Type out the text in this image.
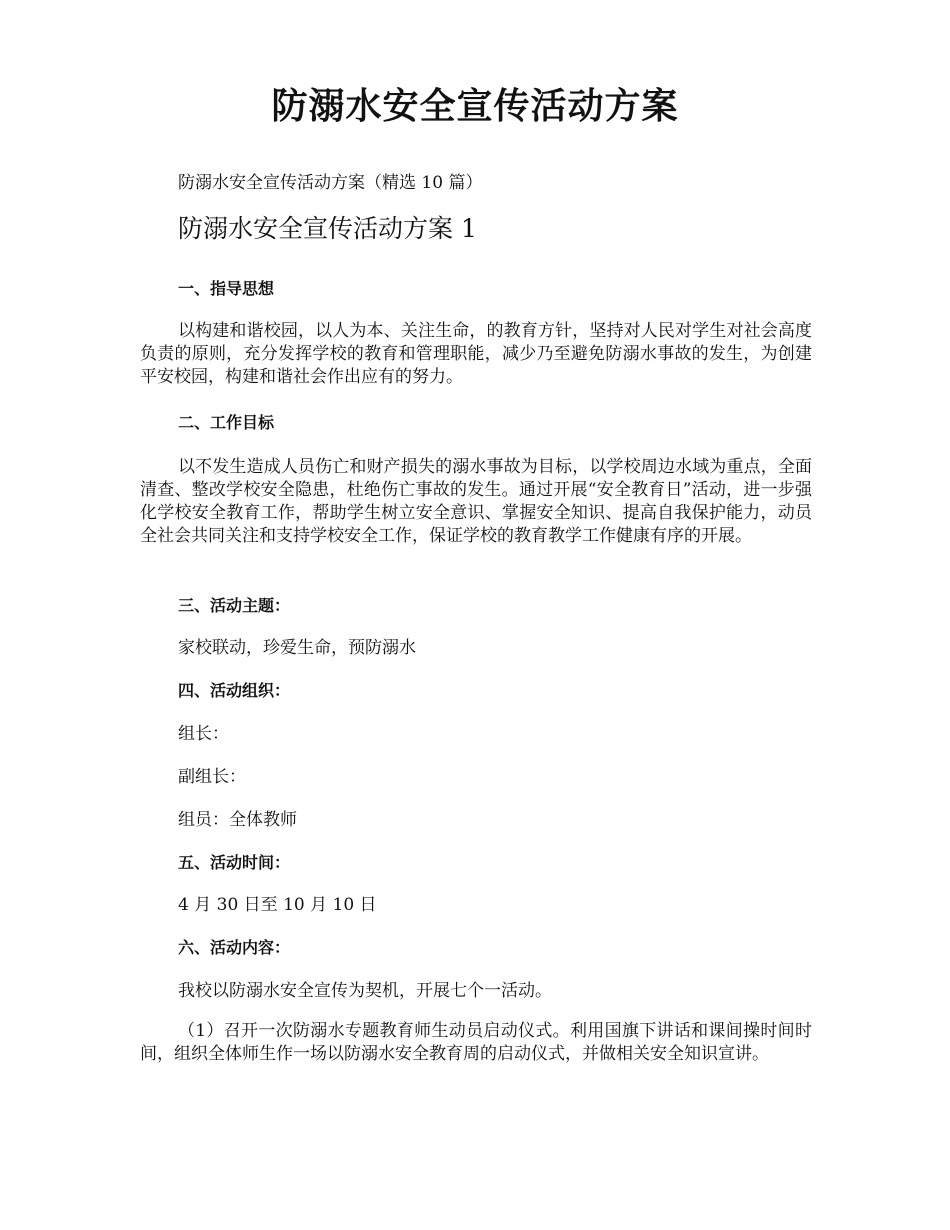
防溺水安全宣传活动方案

防溺水安全宣传活动方案（精选 10 篇）

防溺水安全宣传活动方案 1
一、指导思想

以构建和谐校园，以人为本、关注生命，的教育方针，坚持对人民对学生对社会高度负责的原则，充分发挥学校的教育和管理职能，减少乃至避免防溺水事故的发生，为创建平安校园，构建和谐社会作出应有的努力。

二、工作目标

以不发生造成人员伤亡和财产损失的溺水事故为目标，以学校周边水域为重点，全面清查、整改学校安全隐患，杜绝伤亡事故的发生。通过开展“安全教育日”活动，进一步强化学校安全教育工作，帮助学生树立安全意识、掌握安全知识、提高自我保护能力，动员全社会共同关注和支持学校安全工作，保证学校的教育教学工作健康有序的开展。

三、活动主题：

家校联动，珍爱生命，预防溺水

四、活动组织：

组长：

副组长：

组员：全体教师

五、活动时间：

4 月 30 日至 10 月 10 日

六、活动内容：

我校以防溺水安全宣传为契机，开展七个一活动。

（1）召开一次防溺水专题教育师生动员启动仪式。利用国旗下讲话和课间操时间时间，组织全体师生作一场以防溺水安全教育周的启动仪式，并做相关安全知识宣讲。
